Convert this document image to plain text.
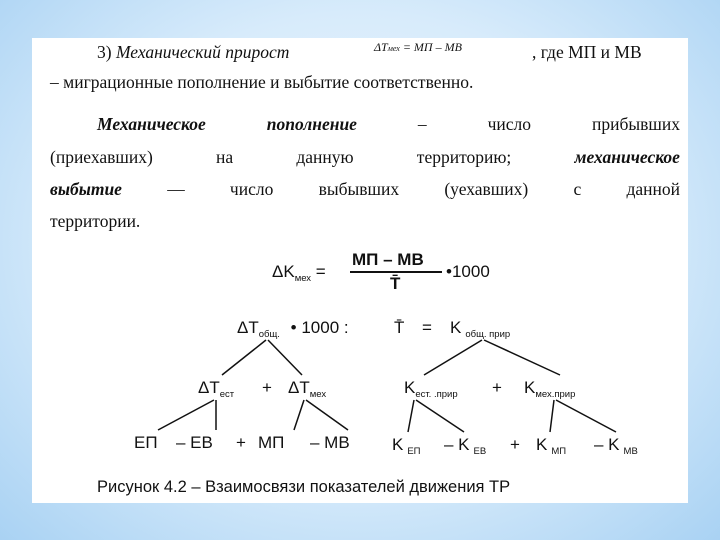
3) Механический прирост	ΔTмех = МП – МВ	, где МП и МВ
– миграционные пополнение и выбытие соответственно.
Механическое	пополнение	–	число	прибывших
(приехавших)	на	данную	территорию;	механическое
выбытие	—	число	выбывших	(уехавших)	с	данной
территории.
$\Delta K_{мех}$ =
МП – МВ
T̄
•1000
$\Delta T_{общ.}$ • 1000 :	T̄ = K $_{общ. прир}$
$\Delta T_{ест} + \Delta T_{мех}$	$K_{ест. .прир} + K_{мех.прир}$
ЕП – ЕВ + МП – МВ K $_{ЕП}$ – K $_{ЕВ}$ + K $_{МП}$ – K $_{МВ}$
Рисунок 4.2 – Взаимосвязи показателей движения ТР
